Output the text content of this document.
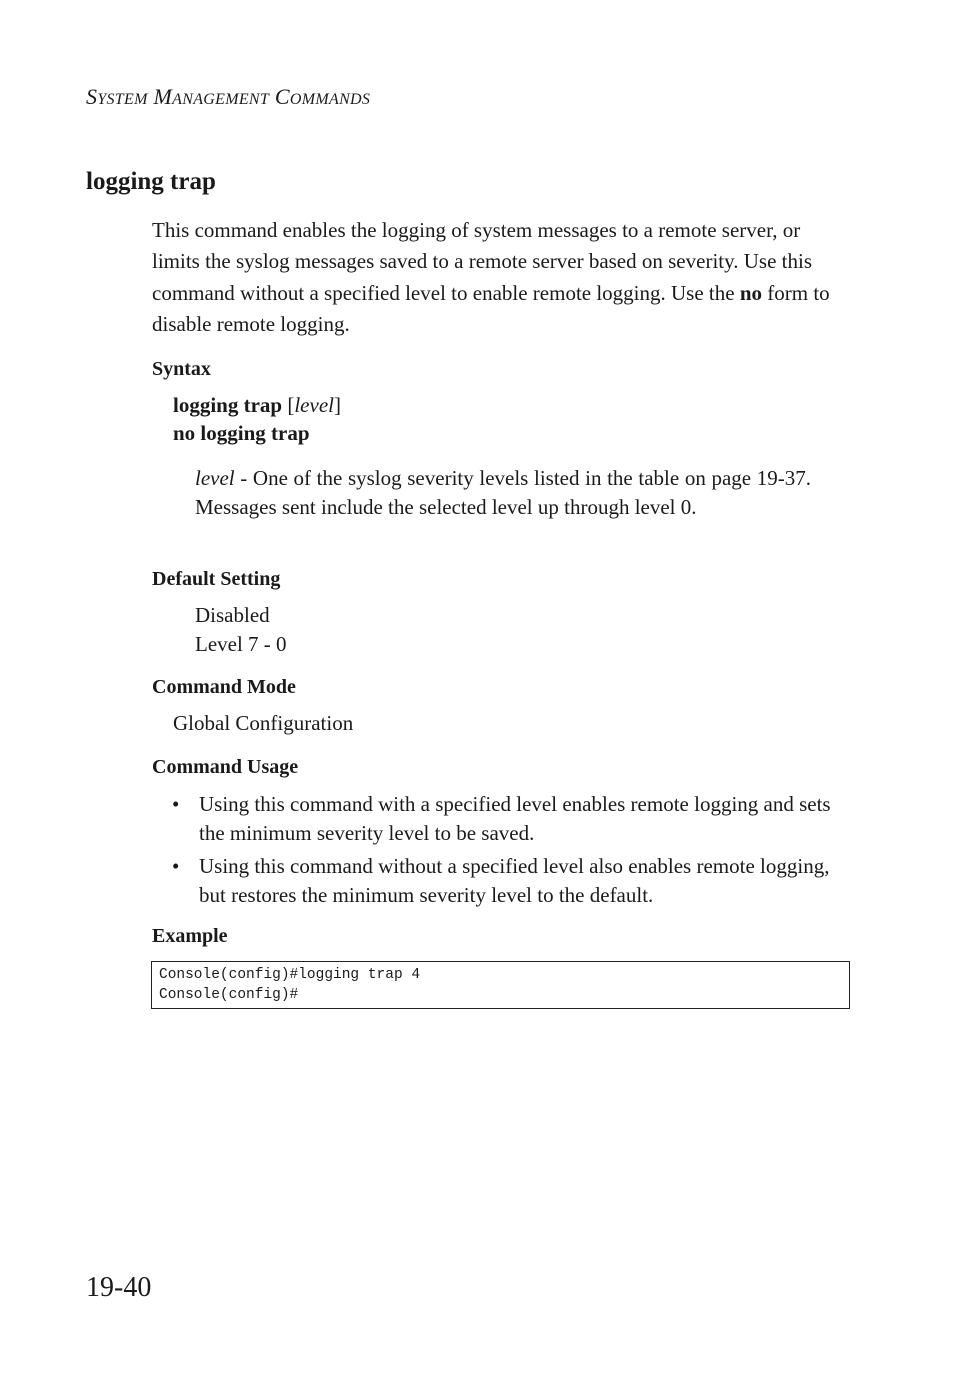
SYSTEM MANAGEMENT COMMANDS
logging trap

This command enables the logging of system messages to a remote server, or limits the syslog messages saved to a remote server based on severity. Use this command without a specified level to enable remote logging. Use the no form to disable remote logging.

Syntax

logging trap [level]

no logging trap

level - One of the syslog severity levels listed in the table on page 19-37. Messages sent include the selected level up through level 0.

Default Setting

Disabled

Level 7 - 0

Command Mode

Global Configuration

Command Usage
• Using this command with a specified level enables remote logging and sets the minimum severity level to be saved.
• Using this command without a specified level also enables remote logging, but restores the minimum severity level to the default.
Example
Console(config)#logging trap 4
Console(config)#

19-40
